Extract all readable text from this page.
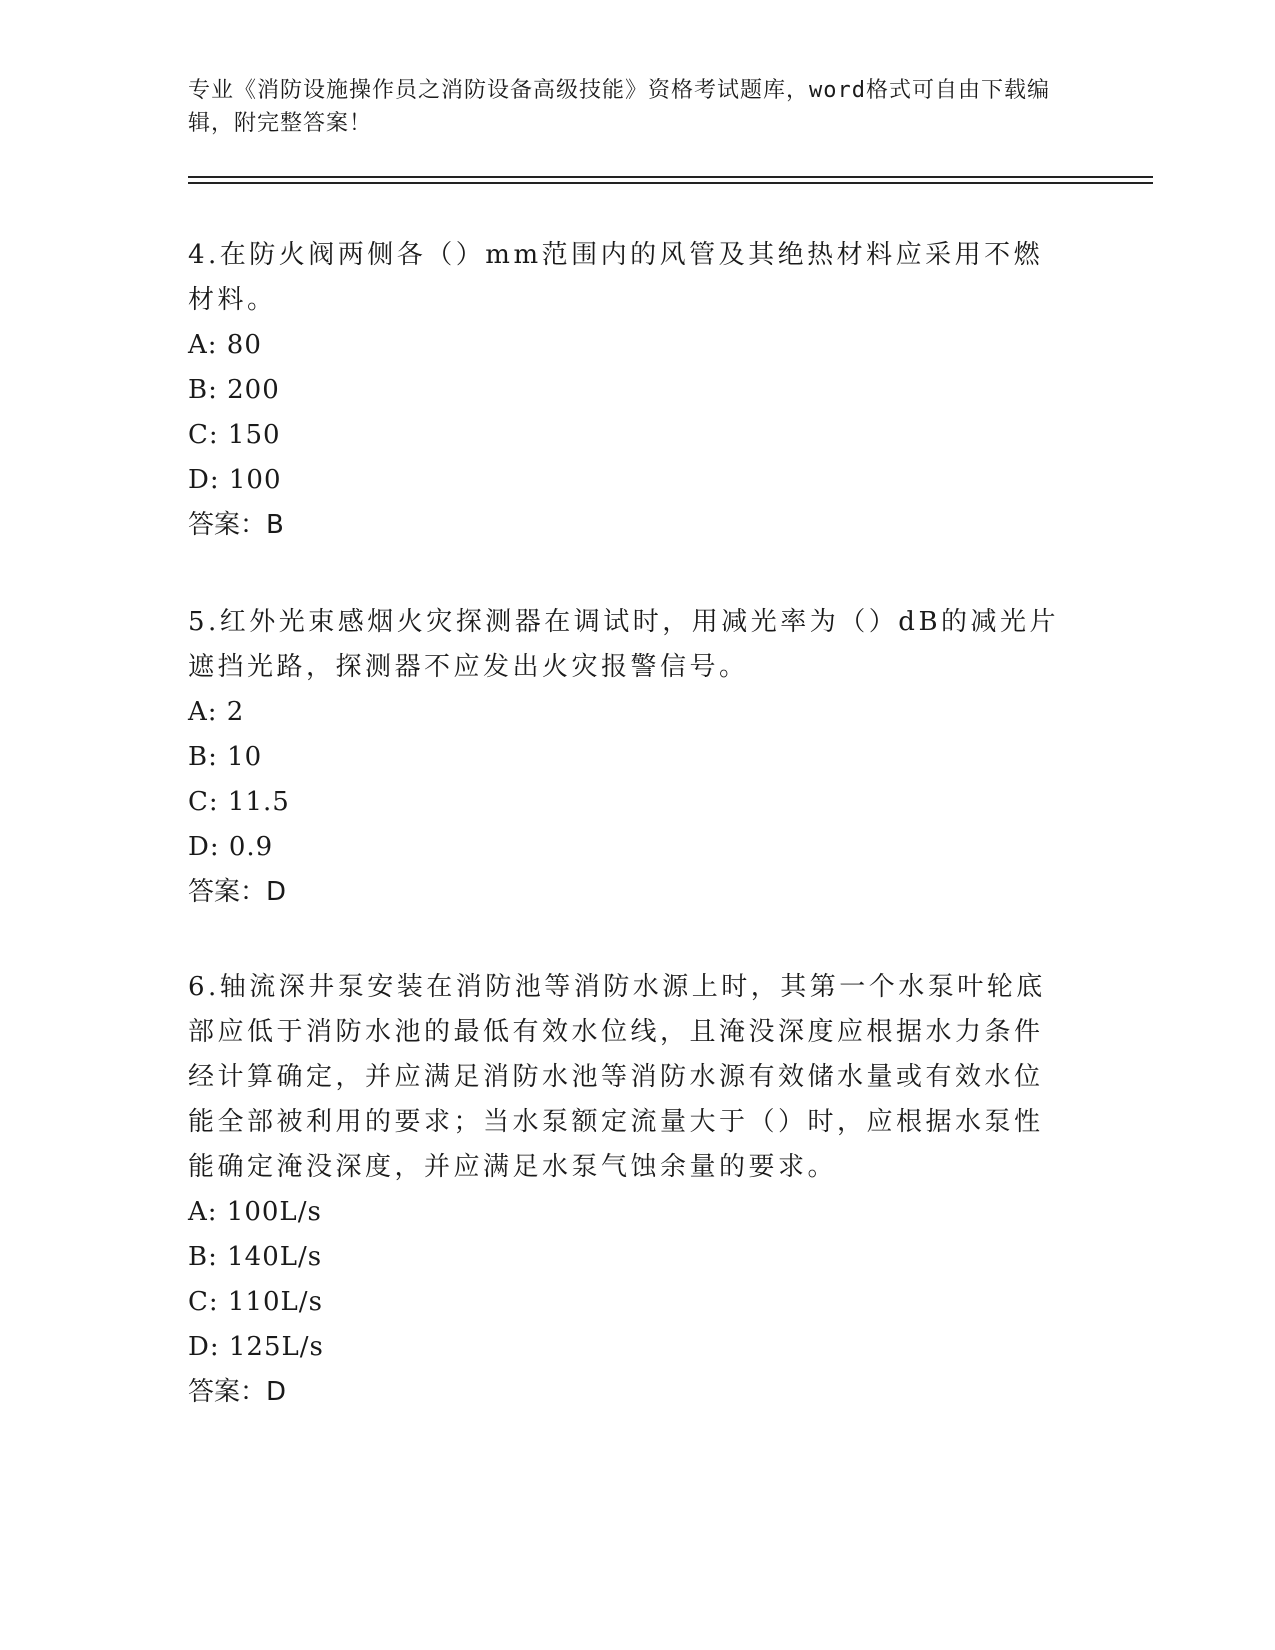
专业《消防设施操作员之消防设备高级技能》资格考试题库，word格式可自由下载编辑，附完整答案！

4.在防火阀两侧各（）mm范围内的风管及其绝热材料应采用不燃材料。

A: 80

B: 200

C: 150

D: 100

答案：B

5.红外光束感烟火灾探测器在调试时，用减光率为（）dB的减光片遮挡光路，探测器不应发出火灾报警信号。

A: 2

B: 10

C: 11.5

D: 0.9

答案：D

6.轴流深井泵安装在消防池等消防水源上时，其第一个水泵叶轮底部应低于消防水池的最低有效水位线，且淹没深度应根据水力条件经计算确定，并应满足消防水池等消防水源有效储水量或有效水位能全部被利用的要求；当水泵额定流量大于（）时，应根据水泵性能确定淹没深度，并应满足水泵气蚀余量的要求。

A: 100L/s

B: 140L/s

C: 110L/s

D: 125L/s

答案：D
